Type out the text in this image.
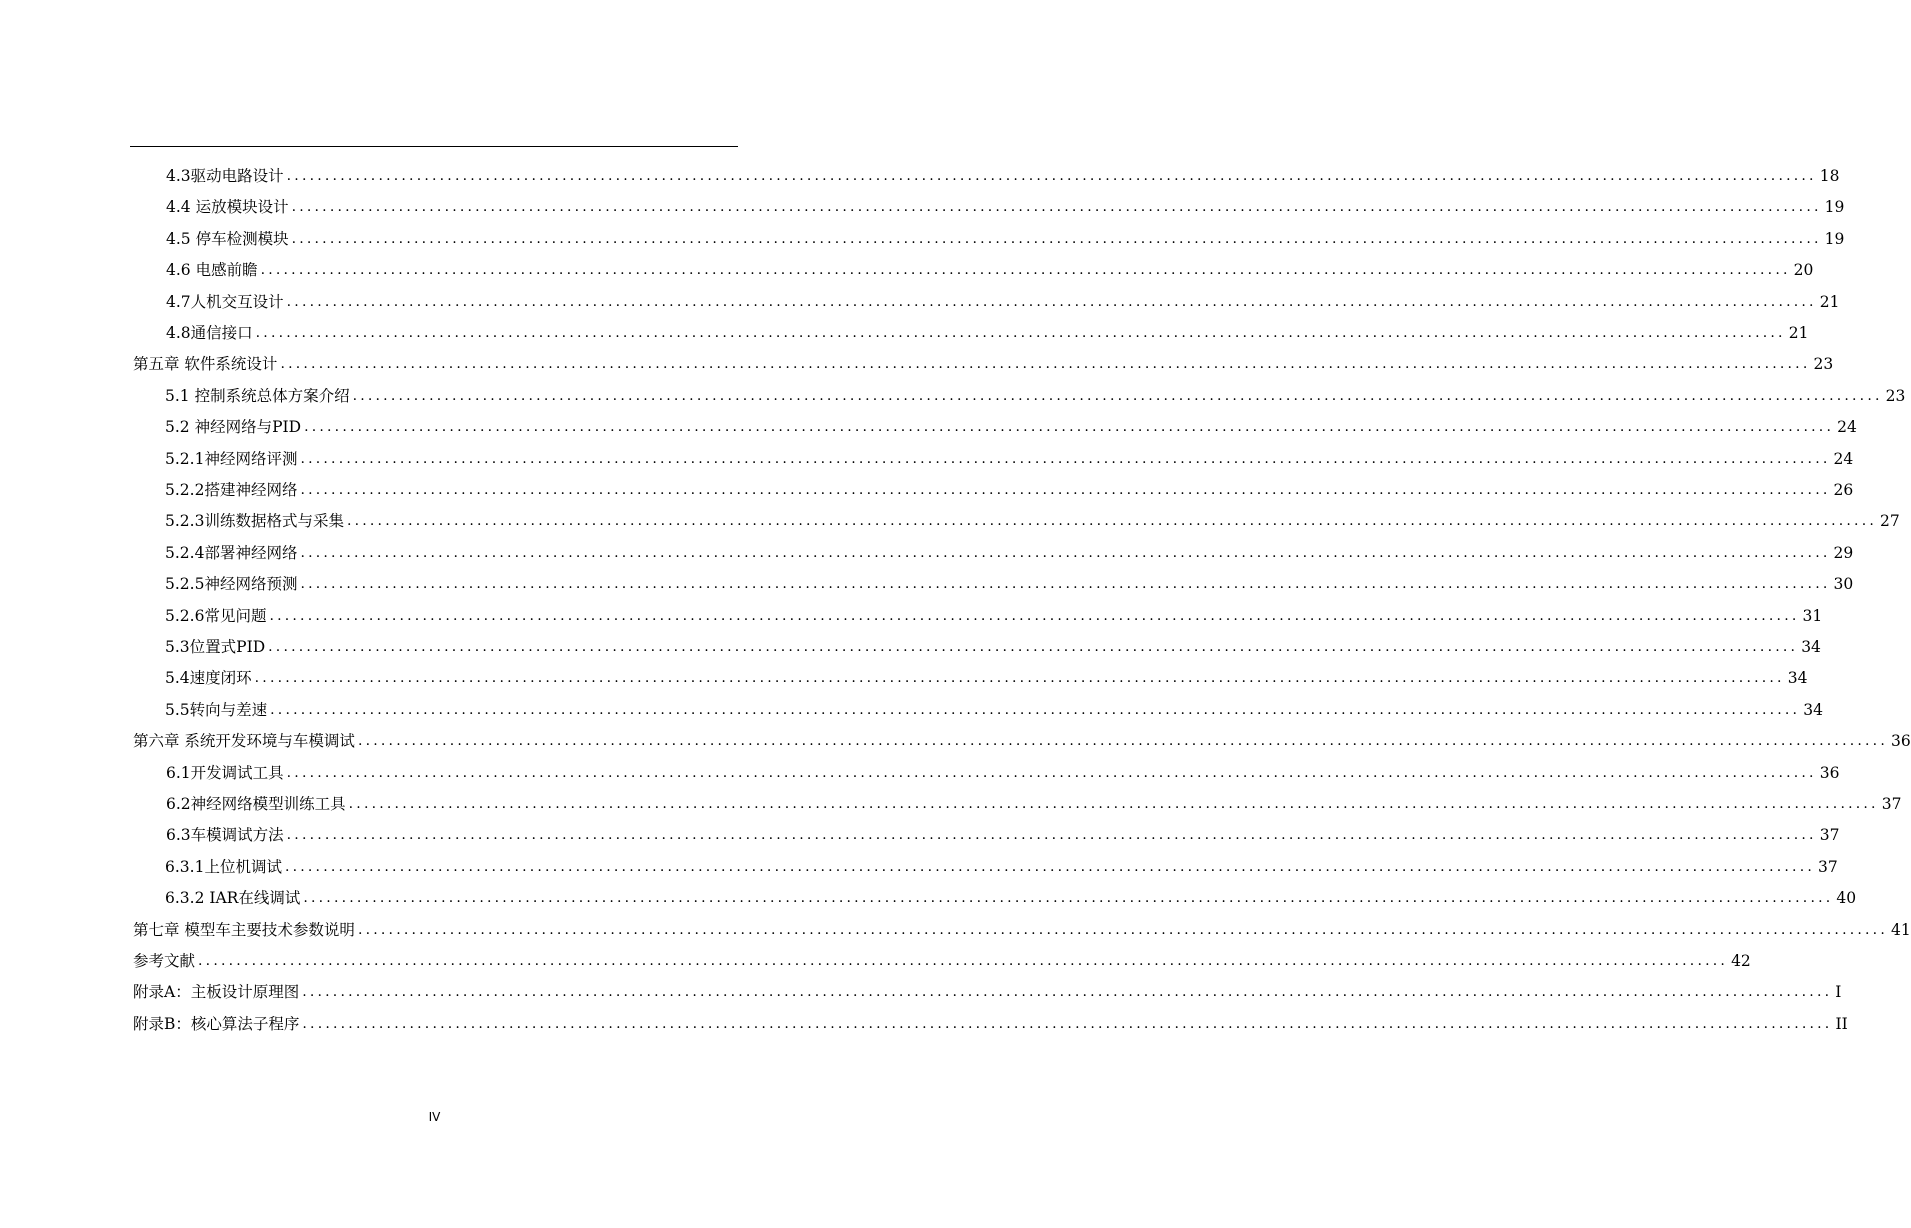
4.3驱动电路设计 ........................................................................................................................................................................................................ 18
4.4 运放模块设计 ........................................................................................................................................................................................................ 19
4.5 停车检测模块 ........................................................................................................................................................................................................ 19
4.6 电感前瞻 ........................................................................................................................................................................................................ 20
4.7人机交互设计 ........................................................................................................................................................................................................ 21
4.8通信接口 ........................................................................................................................................................................................................ 21
第五章 软件系统设计 ........................................................................................................................................................................................................ 23
5.1 控制系统总体方案介绍 ........................................................................................................................................................................................................ 23
5.2 神经网络与PID ........................................................................................................................................................................................................ 24
5.2.1神经网络评测 ........................................................................................................................................................................................................ 24
5.2.2搭建神经网络 ........................................................................................................................................................................................................ 26
5.2.3训练数据格式与采集 ........................................................................................................................................................................................................ 27
5.2.4部署神经网络 ........................................................................................................................................................................................................ 29
5.2.5神经网络预测 ........................................................................................................................................................................................................ 30
5.2.6常见问题 ........................................................................................................................................................................................................ 31
5.3位置式PID ........................................................................................................................................................................................................ 34
5.4速度闭环 ........................................................................................................................................................................................................ 34
5.5转向与差速 ........................................................................................................................................................................................................ 34
第六章 系统开发环境与车模调试 ........................................................................................................................................................................................................ 36
6.1开发调试工具 ........................................................................................................................................................................................................ 36
6.2神经网络模型训练工具 ........................................................................................................................................................................................................ 37
6.3车模调试方法 ........................................................................................................................................................................................................ 37
6.3.1上位机调试 ........................................................................................................................................................................................................ 37
6.3.2 IAR在线调试 ........................................................................................................................................................................................................ 40
第七章 模型车主要技术参数说明 ........................................................................................................................................................................................................ 41
参考文献 ........................................................................................................................................................................................................ 42
附录A：主板设计原理图 ........................................................................................................................................................................................................ I
附录B：核心算法子程序 ........................................................................................................................................................................................................ II
IV
